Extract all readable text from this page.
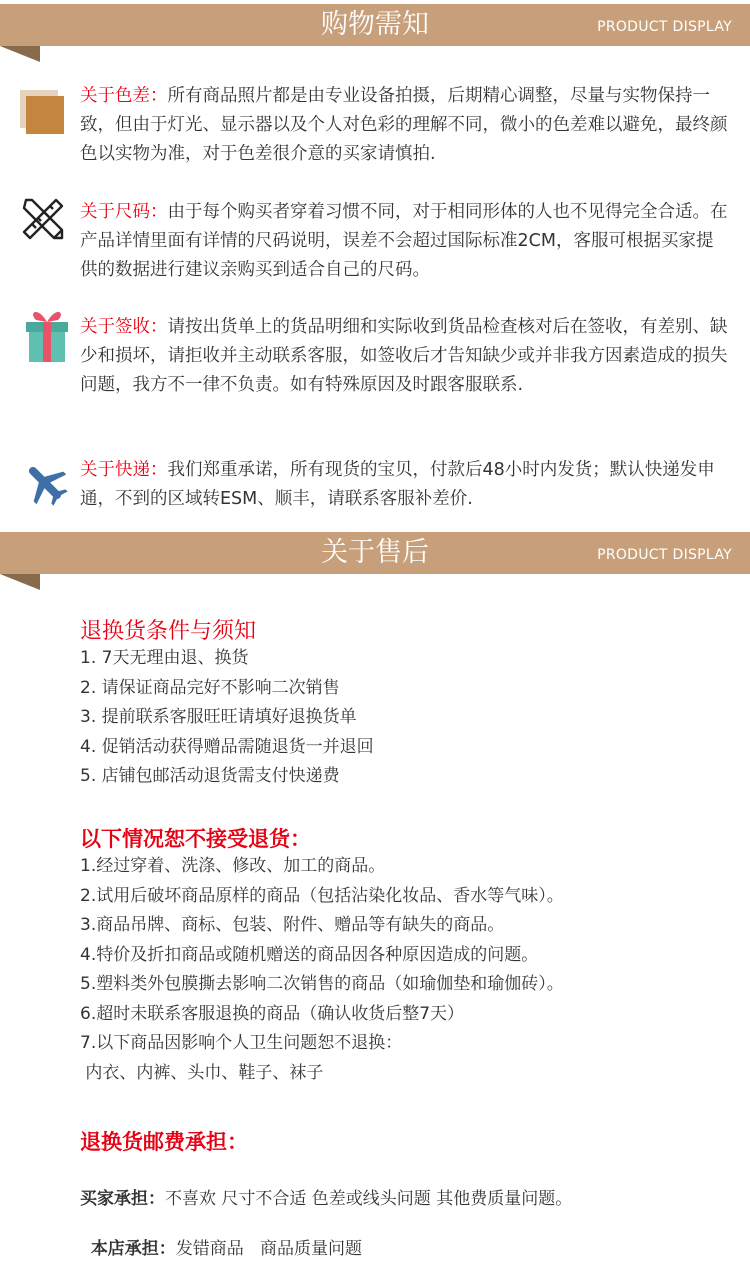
购物需知	PRODUCT DISPLAY
关于色差：所有商品照片都是由专业设备拍摄，后期精心调整，尽量与实物保持一致，但由于灯光、显示器以及个人对色彩的理解不同，微小的色差难以避免，最终颜色以实物为准，对于色差很介意的买家请慎拍.
关于尺码：由于每个购买者穿着习惯不同，对于相同形体的人也不见得完全合适。在产品详情里面有详情的尺码说明，误差不会超过国际标准2CM，客服可根据买家提供的数据进行建议亲购买到适合自己的尺码。
关于签收：请按出货单上的货品明细和实际收到货品检查核对后在签收，有差别、缺少和损坏，请拒收并主动联系客服，如签收后才告知缺少或并非我方因素造成的损失问题，我方不一律不负责。如有特殊原因及时跟客服联系.
关于快递：我们郑重承诺，所有现货的宝贝，付款后48小时内发货；默认快递发申通，不到的区域转ESM、顺丰，请联系客服补差价.
关于售后	PRODUCT DISPLAY
退换货条件与须知
1. 7天无理由退、换货
2. 请保证商品完好不影响二次销售
3. 提前联系客服旺旺请填好退换货单
4. 促销活动获得赠品需随退货一并退回
5. 店铺包邮活动退货需支付快递费
以下情况恕不接受退货：
1.经过穿着、洗涤、修改、加工的商品。
2.试用后破坏商品原样的商品（包括沾染化妆品、香水等气味）。
3.商品吊牌、商标、包装、附件、赠品等有缺失的商品。
4.特价及折扣商品或随机赠送的商品因各种原因造成的问题。
5.塑料类外包膜撕去影响二次销售的商品（如瑜伽垫和瑜伽砖）。
6.超时未联系客服退换的商品（确认收货后整7天）
7.以下商品因影响个人卫生问题恕不退换：
内衣、内裤、头巾、鞋子、袜子
退换货邮费承担：
买家承担：不喜欢 尺寸不合适 色差或线头问题 其他费质量问题。

本店承担：发错商品   商品质量问题
